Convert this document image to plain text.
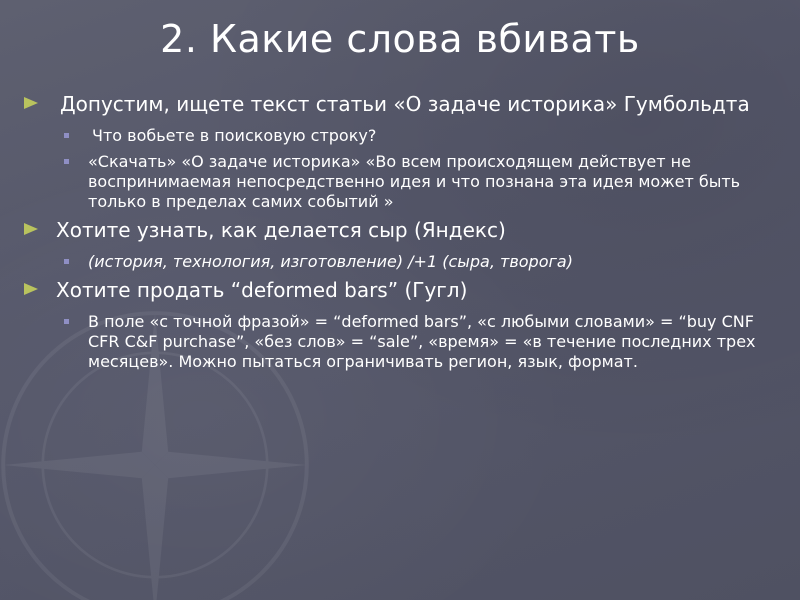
2. Какие слова вбивать
Допустим, ищете текст статьи «О задаче историка» Гумбольдта
Что вобьете в поисковую строку?
«Скачать» «О задаче историка» «Во всем происходящем действует не воспринимаемая непосредственно идея и что познана эта идея может быть только в пределах самих событий »
Хотите узнать, как делается сыр (Яндекс)
(история, технология, изготовление) /+1 (сыра, творога)
Хотите продать “deformed bars” (Гугл)
В поле «с точной фразой» = “deformed bars”, «с любыми словами» = “buy CNF CFR C&F purchase”, «без слов» = “sale”, «время» = «в течение последних трех месяцев». Можно пытаться ограничивать регион, язык, формат.
